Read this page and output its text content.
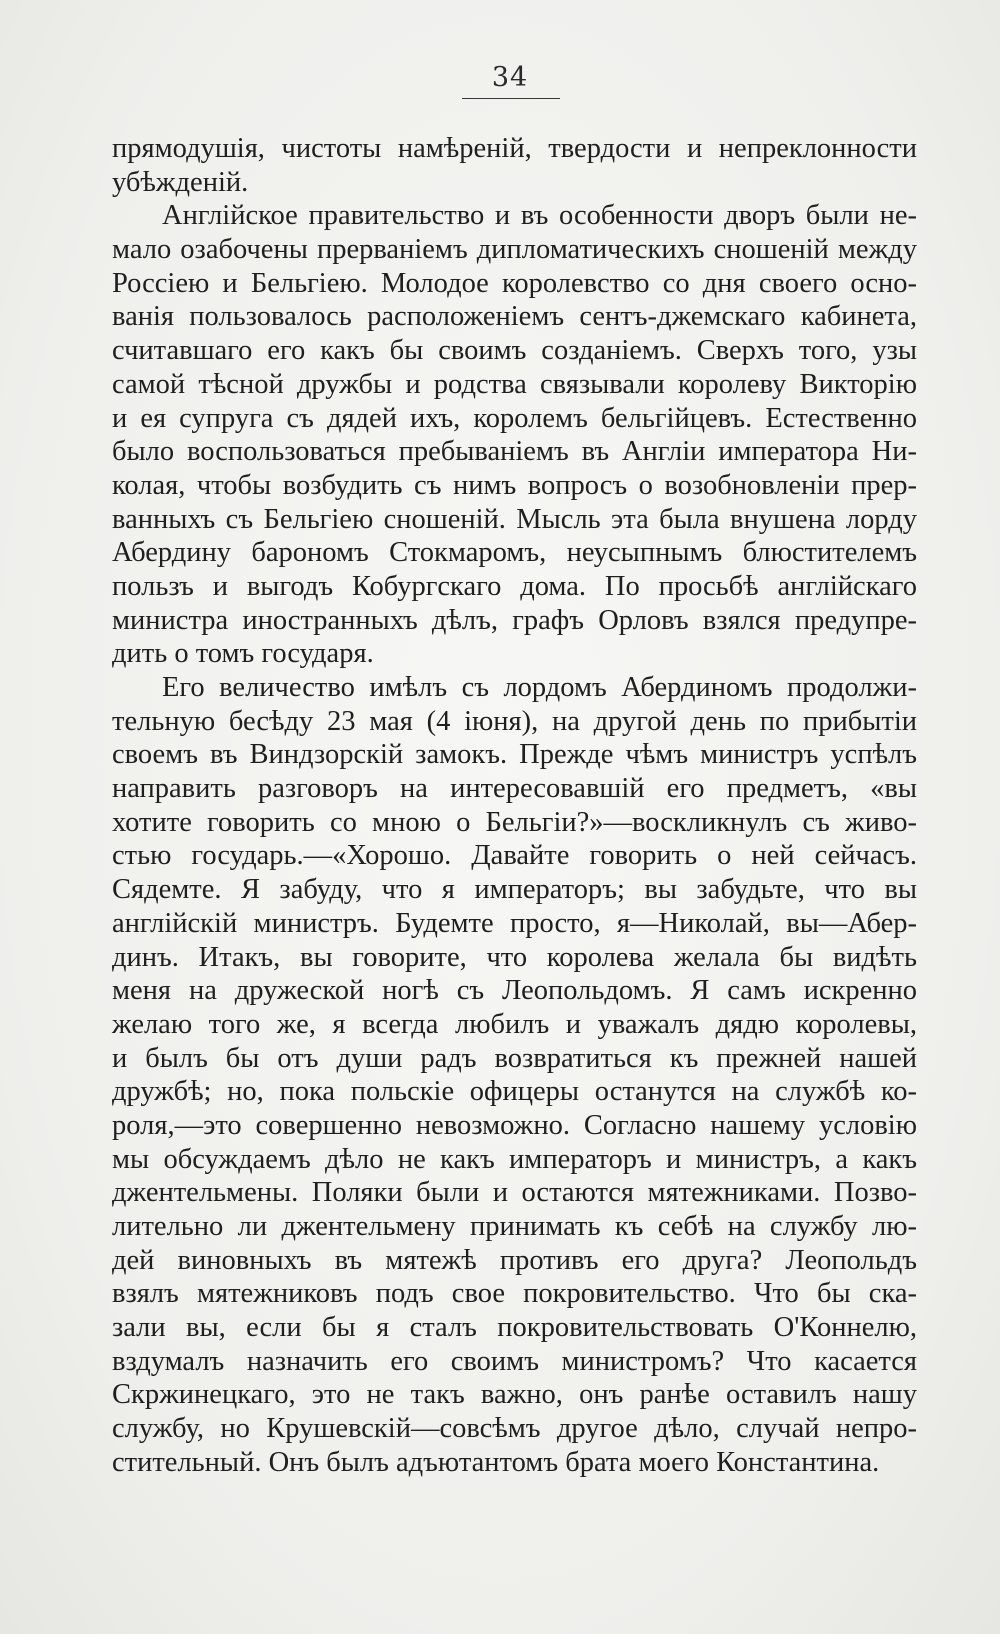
34
прямодушія, чистоты намѣреній, твердости и непреклонности
убѣжденій.
Англійское правительство и въ особенности дворъ были не-
мало озабочены прерванiемъ дипломатическихъ сношеній между
Россiею и Бельгiею. Молодое королевство со дня своего осно-
ванія пользовалось расположенiемъ сентъ-джемскаго кабинета,
считавшаго его какъ бы своимъ созданiемъ. Сверхъ того, узы
самой тѣсной дружбы и родства связывали королеву Викторію
и ея супруга съ дядей ихъ, королемъ бельгійцевъ. Естественно
было воспользоваться пребыванiемъ въ Англіи императора Ни-
колая, чтобы возбудить съ нимъ вопросъ о возобновленіи прер-
ванныхъ съ Бельгiею сношеній. Мысль эта была внушена лорду
Абердину барономъ Стокмаромъ, неусыпнымъ блюстителемъ
пользъ и выгодъ Кобургскаго дома. По просьбѣ англійскаго
министра иностранныхъ дѣлъ, графъ Орловъ взялся предупре-
дить о томъ государя.
Его величество имѣлъ съ лордомъ Абердиномъ продолжи-
тельную бесѣду 23 мая (4 іюня), на другой день по прибытіи
своемъ въ Виндзорскій замокъ. Прежде чѣмъ министръ успѣлъ
направить разговоръ на интересовавшій его предметъ, «вы
хотите говорить со мною о Бельгіи?»—воскликнулъ съ живо-
стью государь.—«Хорошо. Давайте говорить о ней сейчасъ.
Сядемте. Я забуду, что я императоръ; вы забудьте, что вы
англійскій министръ. Будемте просто, я—Николай, вы—Абер-
динъ. Итакъ, вы говорите, что королева желала бы видѣть
меня на дружеской ногѣ съ Леопольдомъ. Я самъ искренно
желаю того же, я всегда любилъ и уважалъ дядю королевы,
и былъ бы отъ души радъ возвратиться къ прежней нашей
дружбѣ; но, пока польскіе офицеры останутся на службѣ ко-
роля,—это совершенно невозможно. Согласно нашему условію
мы обсуждаемъ дѣло не какъ императоръ и министръ, а какъ
джентельмены. Поляки были и остаются мятежниками. Позво-
лительно ли джентельмену принимать къ себѣ на службу лю-
дей виновныхъ въ мятежѣ противъ его друга? Леопольдъ
взялъ мятежниковъ подъ свое покровительство. Что бы ска-
зали вы, если бы я сталъ покровительствовать О'Коннелю,
вздумалъ назначить его своимъ министромъ? Что касается
Скржинецкаго, это не такъ важно, онъ ранѣе оставилъ нашу
службу, но Крушевскій—совсѣмъ другое дѣло, случай непро-
стительный. Онъ былъ адъютантомъ брата моего Константина.
